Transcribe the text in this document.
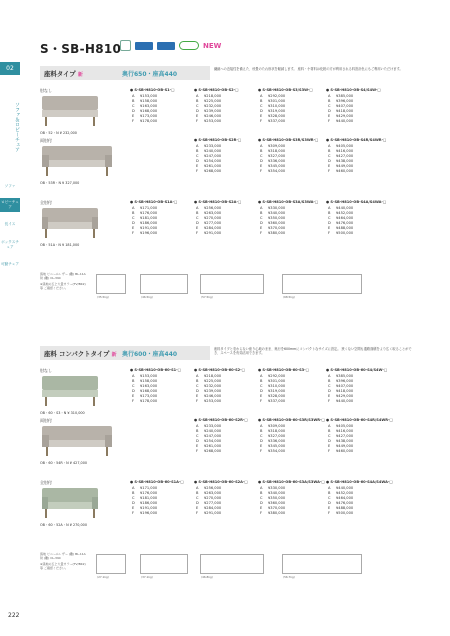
S・SB-H810	NEW
02
ソファ＆ロビーチェア
ソファ
ロビーチェア
長イス
ボックスチェア
可動チェア
座料タイプ 新	奥行650・座高440
繊細への近接性を備えた、枕畳のたれ形状を軽減します。 座料・小背料は化粧の方が利用される料設計色にもご利用いただけます。
肘なし
OB・52・N ¥ 232,000
● S-SB-H810-OB-S1-□
A	¥153,000
B	¥158,000
C	¥163,000
D	¥168,000
E	¥173,000
F	¥178,000
● S-SB-H810-OB-S2-□
A	¥218,000
B	¥225,000
C	¥232,000
D	¥239,000
E	¥246,000
F	¥253,000
● S-SB-H810-OB-S3/S3W-□
A	¥292,000
B	¥301,000
C	¥310,000
D	¥319,000
E	¥328,000
F	¥337,000
● S-SB-H810-OB-S4/S4W-□
A	¥385,000
B	¥396,000
C	¥407,000
D	¥418,000
E	¥429,000
F	¥440,000
両肘付
OB・53R・N ¥ 327,000
● S-SB-H810-OB-S2R-□
A	¥233,000
B	¥240,000
C	¥247,000
D	¥254,000
E	¥261,000
F	¥268,000
● S-SB-H810-OB-S3R/S3WR-□
A	¥309,000
B	¥318,000
C	¥327,000
D	¥336,000
E	¥345,000
F	¥354,000
● S-SB-H810-OB-S4R/S4WR-□
A	¥405,000
B	¥416,000
C	¥427,000
D	¥438,000
E	¥449,000
F	¥460,000
全肘付
OB・51A・N ¥ 181,000
● S-SB-H810-OB-S1A-□
A	¥171,000
B	¥176,000
C	¥181,000
D	¥186,000
E	¥191,000
F	¥196,000
● S-SB-H810-OB-S2A-□
A	¥256,000
B	¥263,000
C	¥270,000
D	¥277,000
E	¥284,000
F	¥291,000
● S-SB-H810-OB-S3A/S3WA-□
A	¥330,000
B	¥340,000
C	¥350,000
D	¥360,000
E	¥370,000
F	¥380,000
● S-SB-H810-OB-S4A/S4WA-□
A	¥440,000
B	¥452,000
C	¥464,000
D	¥476,000
E	¥488,000
F	¥500,000
張地 ビニールレザー (難) BL-11A 肘 (難) CL-39C
※張地の五と大量カラー(TV/BK2) 等 ご確認ください。
(35.5kg)	(46.5kg)	(57.5kg)	(68.5kg)
座料 コンパクトタイプ 新 奥行600・座高440
座料タイプと変わらない座り心地のまま、奥行を600mmにコンパクトなサイズに設定。 狭くない空間も通路面積をより広く取ることができ、スペースを有効活用できます。
肘なし
OB・60・S3・N ¥ 310,000
● S-SB-H810-OB-60-S1-□
A	¥153,000
B	¥158,000
C	¥163,000
D	¥168,000
E	¥173,000
F	¥178,000
● S-SB-H810-OB-60-S2-□
A	¥218,000
B	¥225,000
C	¥232,000
D	¥239,000
E	¥246,000
F	¥253,000
● S-SB-H810-OB-60-S3-□
A	¥292,000
B	¥301,000
C	¥310,000
D	¥319,000
E	¥328,000
F	¥337,000
● S-SB-H810-OB-60-S4/S4W-□
A	¥385,000
B	¥396,000
C	¥407,000
D	¥418,000
E	¥429,000
F	¥440,000
両肘付
OB・60・54R・N ¥ 427,000
● S-SB-H810-OB-60-S2R-□
A	¥233,000
B	¥240,000
C	¥247,000
D	¥254,000
E	¥261,000
F	¥268,000
● S-SB-H810-OB-60-S3R/S3WR-□
A	¥309,000
B	¥318,000
C	¥327,000
D	¥336,000
E	¥345,000
F	¥354,000
● S-SB-H810-OB-60-S4R/S4WR-□
A	¥405,000
B	¥416,000
C	¥427,000
D	¥438,000
E	¥449,000
F	¥460,000
全肘付
OB・60・52A・N ¥ 270,000
● S-SB-H810-OB-60-S1A-□
A	¥171,000
B	¥176,000
C	¥181,000
D	¥186,000
E	¥191,000
F	¥196,000
● S-SB-H810-OB-60-S2A-□
A	¥256,000
B	¥263,000
C	¥270,000
D	¥277,000
E	¥284,000
F	¥291,000
● S-SB-H810-OB-60-S3A/S3WA-□
A	¥330,000
B	¥340,000
C	¥350,000
D	¥360,000
E	¥370,000
F	¥380,000
● S-SB-H810-OB-60-S4A/S4WA-□
A	¥440,000
B	¥452,000
C	¥464,000
D	¥476,000
E	¥488,000
F	¥500,000
張地 ビニールレザー (難) BL-11A 肘 (難) CL-39C
※張地の五と大量カラー(TV/BK2) 等 ご確認ください。
(27.1kg)	(37.1kg)	(46.8kg)	(56.7kg)
222
